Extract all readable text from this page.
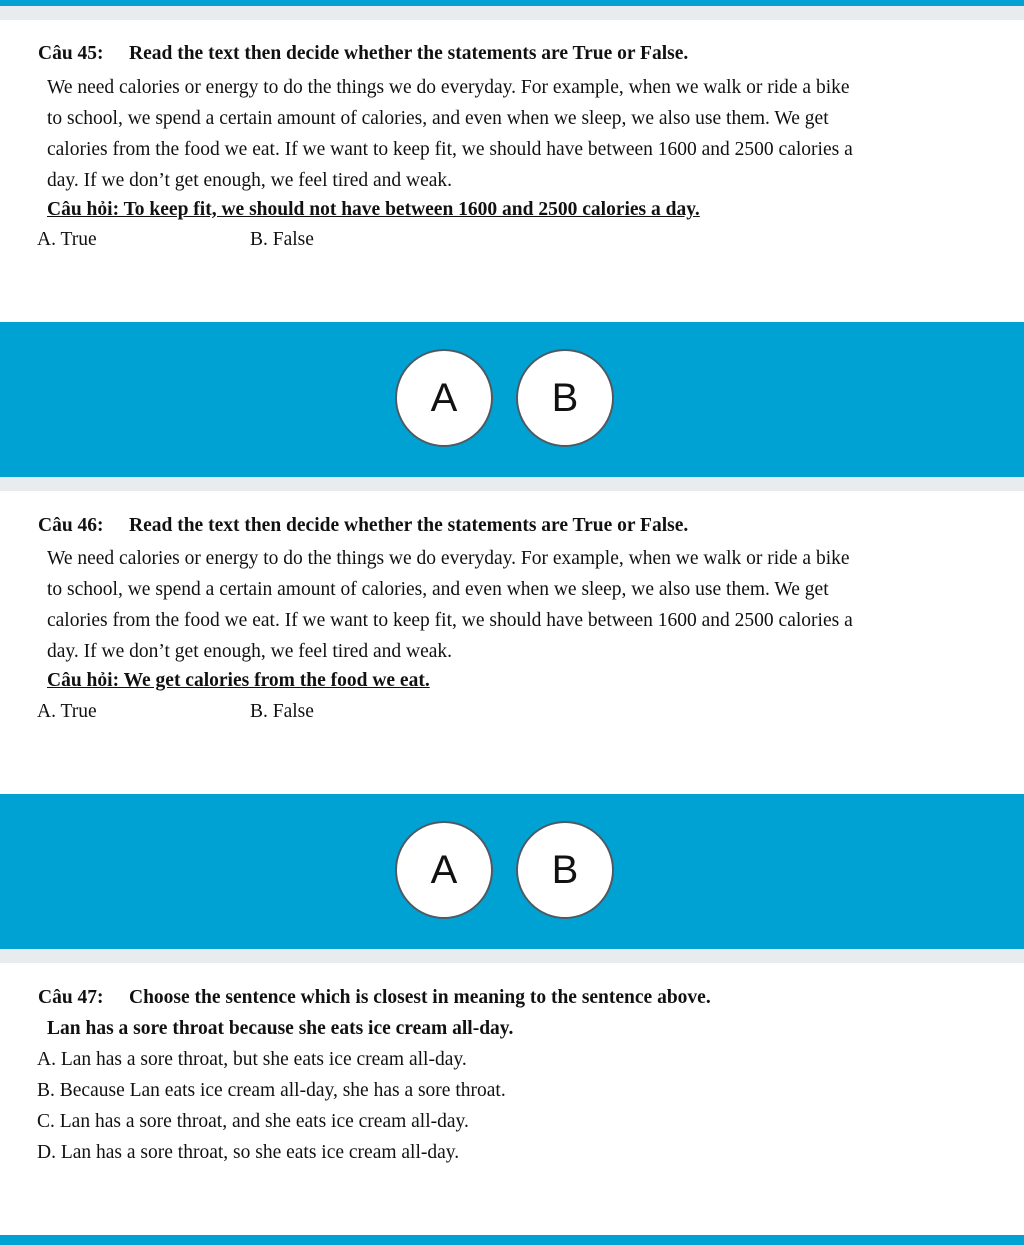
Câu 45: Read the text then decide whether the statements are True or False.
We need calories or energy to do the things we do everyday. For example, when we walk or ride a bike
to school, we spend a certain amount of calories, and even when we sleep, we also use them. We get
calories from the food we eat. If we want to keep fit, we should have between 1600 and 2500 calories a
day. If we don’t get enough, we feel tired and weak.
Câu hỏi: To keep fit, we should not have between 1600 and 2500 calories a day.
A. True	B. False
A	B
Câu 46: Read the text then decide whether the statements are True or False.
We need calories or energy to do the things we do everyday. For example, when we walk or ride a bike
to school, we spend a certain amount of calories, and even when we sleep, we also use them. We get
calories from the food we eat. If we want to keep fit, we should have between 1600 and 2500 calories a
day. If we don’t get enough, we feel tired and weak.
Câu hỏi: We get calories from the food we eat.
A. True	B. False
A	B
Câu 47: Choose the sentence which is closest in meaning to the sentence above.
Lan has a sore throat because she eats ice cream all-day.
A. Lan has a sore throat, but she eats ice cream all-day.
B. Because Lan eats ice cream all-day, she has a sore throat.
C. Lan has a sore throat, and she eats ice cream all-day.
D. Lan has a sore throat, so she eats ice cream all-day.
